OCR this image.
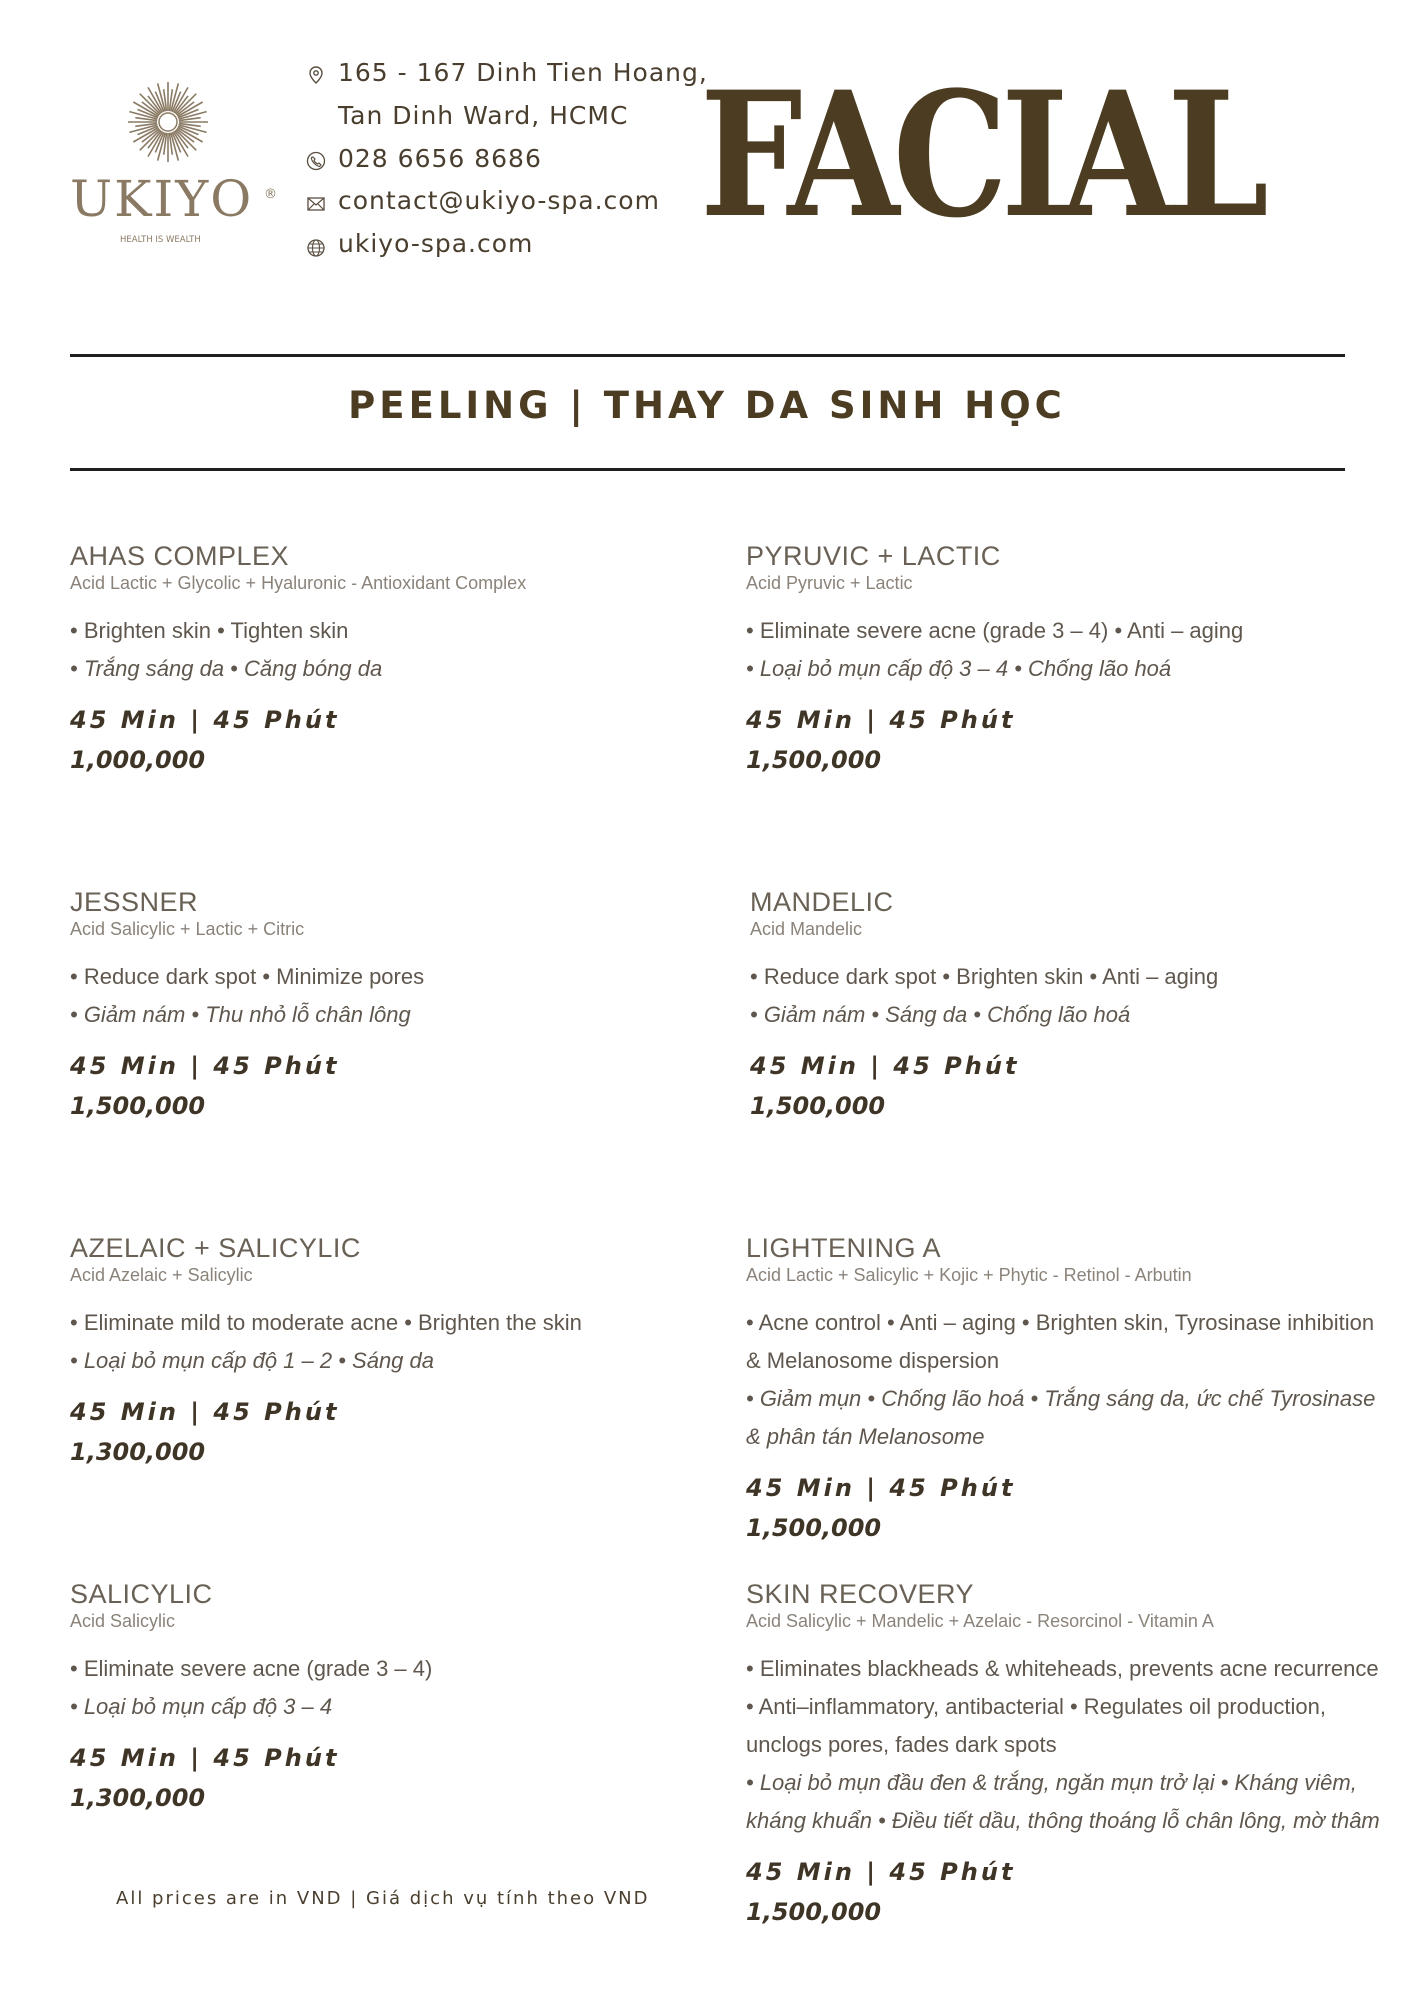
UKIYO ®
HEALTH IS WEALTH
165 - 167 Dinh Tien Hoang,
Tan Dinh Ward, HCMC
028 6656 8686
contact@ukiyo-spa.com
ukiyo-spa.com FACIAL
PEELING | THAY DA SINH HỌC
AHAS COMPLEX
Acid Lactic + Glycolic + Hyaluronic - Antioxidant Complex
• Brighten skin • Tighten skin
• Trắng sáng da • Căng bóng da
45 Min | 45 Phút
1,000,000
PYRUVIC + LACTIC
Acid Pyruvic + Lactic
• Eliminate severe acne (grade 3 – 4) • Anti – aging
• Loại bỏ mụn cấp độ 3 – 4 • Chống lão hoá
45 Min | 45 Phút
1,500,000
JESSNER
Acid Salicylic + Lactic + Citric
• Reduce dark spot • Minimize pores
• Giảm nám • Thu nhỏ lỗ chân lông
45 Min | 45 Phút
1,500,000
MANDELIC
Acid Mandelic
• Reduce dark spot • Brighten skin • Anti – aging
• Giảm nám • Sáng da • Chống lão hoá
45 Min | 45 Phút
1,500,000
AZELAIC + SALICYLIC
Acid Azelaic + Salicylic
• Eliminate mild to moderate acne • Brighten the skin
• Loại bỏ mụn cấp độ 1 – 2 • Sáng da
45 Min | 45 Phút
1,300,000
LIGHTENING A
Acid Lactic + Salicylic + Kojic + Phytic - Retinol - Arbutin
• Acne control • Anti – aging • Brighten skin, Tyrosinase inhibition & Melanosome dispersion
• Giảm mụn • Chống lão hoá • Trắng sáng da, ức chế Tyrosinase & phân tán Melanosome
45 Min | 45 Phút
1,500,000
SALICYLIC
Acid Salicylic
• Eliminate severe acne (grade 3 – 4)
• Loại bỏ mụn cấp độ 3 – 4
45 Min | 45 Phút
1,300,000
SKIN RECOVERY
Acid Salicylic + Mandelic + Azelaic - Resorcinol - Vitamin A
• Eliminates blackheads & whiteheads, prevents acne recurrence • Anti–inflammatory, antibacterial • Regulates oil production, unclogs pores, fades dark spots
• Loại bỏ mụn đầu đen & trắng, ngăn mụn trở lại • Kháng viêm, kháng khuẩn • Điều tiết dầu, thông thoáng lỗ chân lông, mờ thâm
45 Min | 45 Phút
1,500,000
All prices are in VND | Giá dịch vụ tính theo VND
